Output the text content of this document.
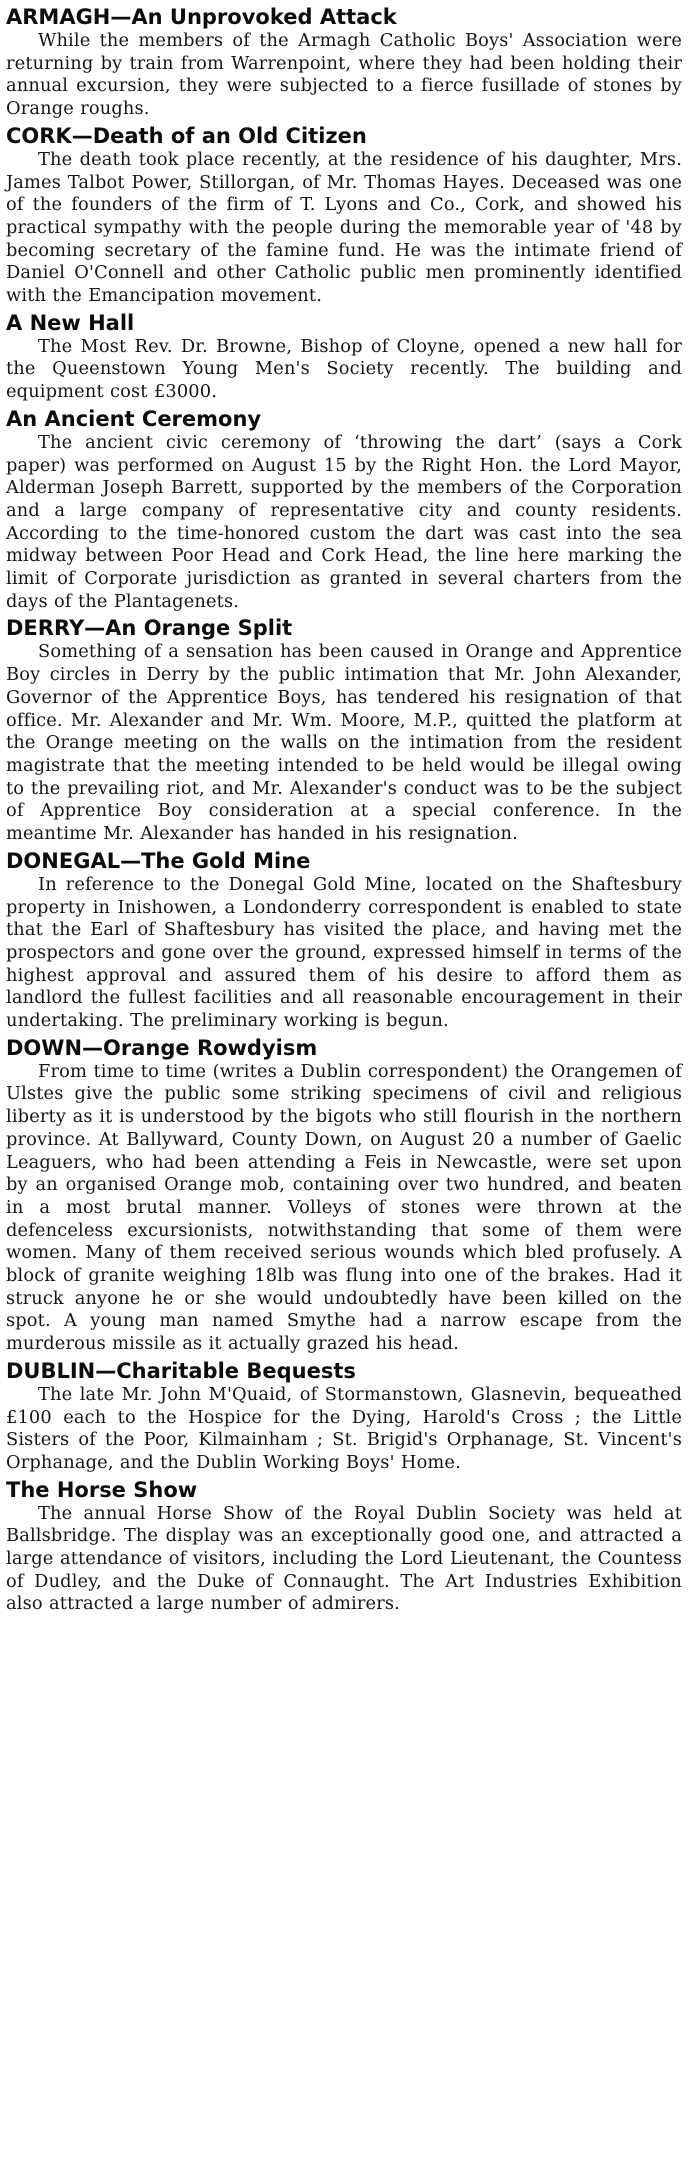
ARMAGH—An Unprovoked Attack

While the members of the Armagh Catholic Boys' Association were returning by train from Warrenpoint, where they had been holding their annual excursion, they were subjected to a fierce fusillade of stones by Orange roughs.

CORK—Death of an Old Citizen

The death took place recently, at the residence of his daughter, Mrs. James Talbot Power, Stillorgan, of Mr. Thomas Hayes. Deceased was one of the founders of the firm of T. Lyons and Co., Cork, and showed his practical sympathy with the people during the memorable year of '48 by becoming secretary of the famine fund. He was the intimate friend of Daniel O'Connell and other Catholic public men prominently identified with the Emancipation movement.

A New Hall

The Most Rev. Dr. Browne, Bishop of Cloyne, opened a new hall for the Queenstown Young Men's Society recently. The building and equipment cost £3000.

An Ancient Ceremony

The ancient civic ceremony of ‘throwing the dart’ (says a Cork paper) was performed on August 15 by the Right Hon. the Lord Mayor, Alderman Joseph Barrett, supported by the members of the Corporation and a large company of representative city and county residents. According to the time-honored custom the dart was cast into the sea midway between Poor Head and Cork Head, the line here marking the limit of Corporate jurisdiction as granted in several charters from the days of the Plantagenets.

DERRY—An Orange Split

Something of a sensation has been caused in Orange and Apprentice Boy circles in Derry by the public intimation that Mr. John Alexander, Governor of the Apprentice Boys, has tendered his resignation of that office. Mr. Alexander and Mr. Wm. Moore, M.P., quitted the platform at the Orange meeting on the walls on the intimation from the resident magistrate that the meeting intended to be held would be illegal owing to the prevailing riot, and Mr. Alexander's conduct was to be the subject of Apprentice Boy consideration at a special conference. In the meantime Mr. Alexander has handed in his resignation.

DONEGAL—The Gold Mine

In reference to the Donegal Gold Mine, located on the Shaftesbury property in Inishowen, a Londonderry correspondent is enabled to state that the Earl of Shaftesbury has visited the place, and having met the prospectors and gone over the ground, expressed himself in terms of the highest approval and assured them of his desire to afford them as landlord the fullest facilities and all reasonable encouragement in their undertaking. The preliminary working is begun.

DOWN—Orange Rowdyism

From time to time (writes a Dublin correspondent) the Orangemen of Ulstes give the public some striking specimens of civil and religious liberty as it is understood by the bigots who still flourish in the northern province. At Ballyward, County Down, on August 20 a number of Gaelic Leaguers, who had been attending a Feis in Newcastle, were set upon by an organised Orange mob, containing over two hundred, and beaten in a most brutal manner. Volleys of stones were thrown at the defenceless excursionists, notwithstanding that some of them were women. Many of them received serious wounds which bled profusely. A block of granite weighing 18lb was flung into one of the brakes. Had it struck anyone he or she would undoubtedly have been killed on the spot. A young man named Smythe had a narrow escape from the murderous missile as it actually grazed his head.

DUBLIN—Charitable Bequests

The late Mr. John M'Quaid, of Stormanstown, Glasnevin, bequeathed £100 each to the Hospice for the Dying, Harold's Cross ; the Little Sisters of the Poor, Kilmainham ; St. Brigid's Orphanage, St. Vincent's Orphanage, and the Dublin Working Boys' Home.

The Horse Show

The annual Horse Show of the Royal Dublin Society was held at Ballsbridge. The display was an exceptionally good one, and attracted a large attendance of visitors, including the Lord Lieutenant, the Countess of Dudley, and the Duke of Connaught. The Art Industries Exhibition also attracted a large number of admirers.
